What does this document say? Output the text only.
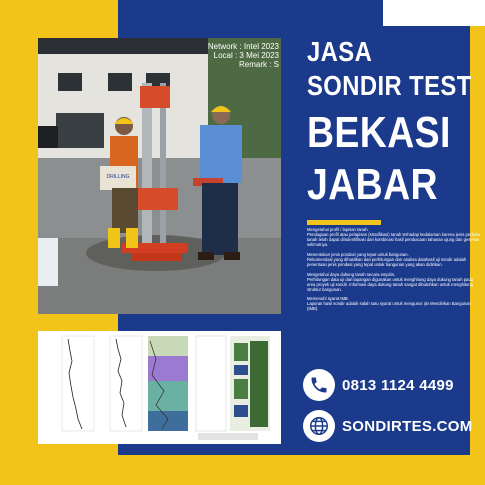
DRILLING
Network : Intel 2023
Local : 3 Mei 2023
Remark : S JASA
SONDIR TEST
BEKASI
JABAR

Mengetahui profil / lapisan tanah.
Pendugaan profil atau pelapisan (stratifikasi) tanah terhadap kedalaman karena jenis perilaku tanah telah dapat diindentifikasi dari kombinasi hasil pembacaan tahanan ujung dan gesekan selimutnya.

Menentukan jenis pondasi yang tepat untuk bangunan.
Rekomendasi yang dihasilkan dari perhitungan dan analisa datahasil uji sondir adalah penentuan jenis pondasi yang tepat untuk bangunan yang akan didirikan.

Mengetahui daya dukung tanah secara empiris.
Perhitungan data uji dari lapangan digunakan untuk menghitung daya dukung tanah pada area proyek uji sondir. Informasi daya dukung tanah sangat dibutuhkan untuk menghitung struktur bangunan.

Memenuhi syarat IMB.
Laporan hasil sondir adalah salah satu syarat untuk mengurus Ijin Mendirikan Bangunan (IMB).

0813 1124 4499
SONDIRTES.COM
